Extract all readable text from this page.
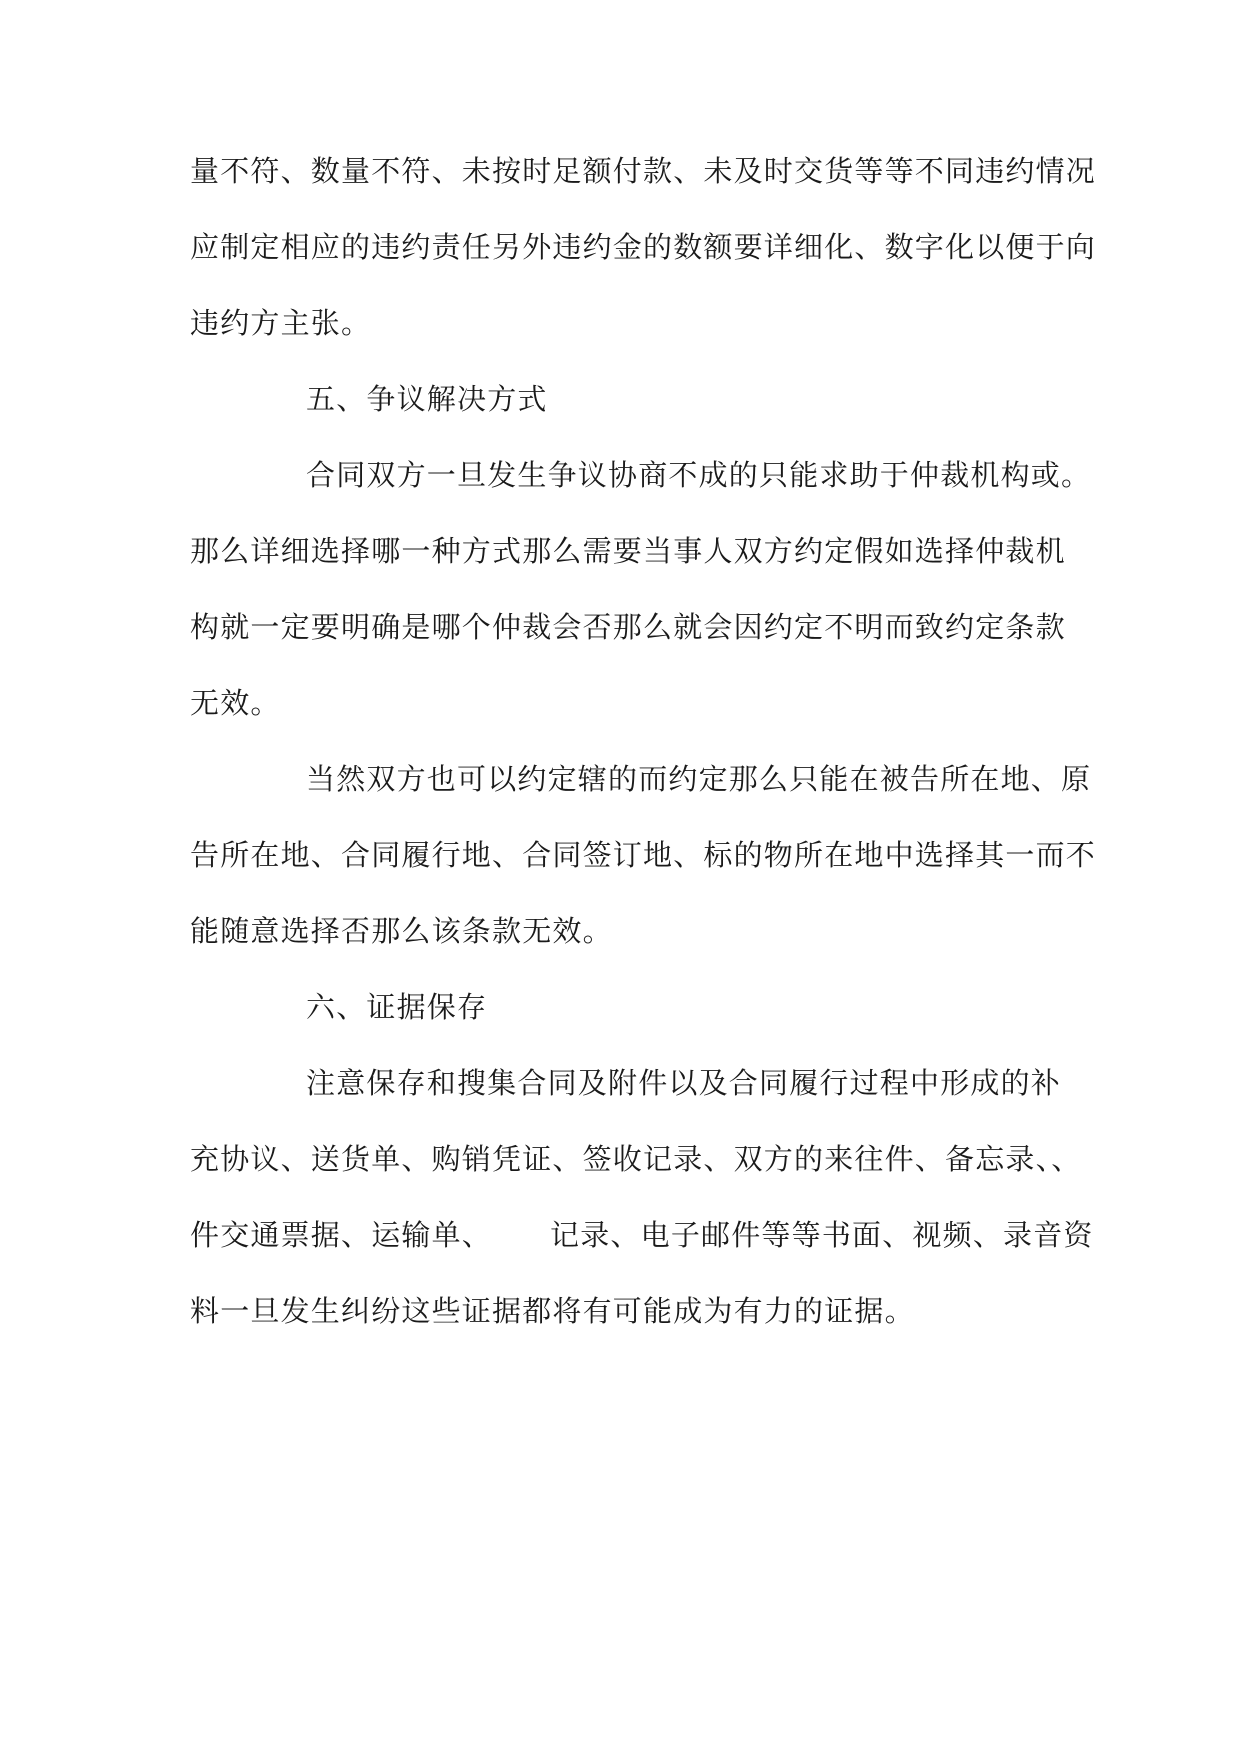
量不符、数量不符、未按时足额付款、未及时交货等等不同违约情况
应制定相应的违约责任另外违约金的数额要详细化、数字化以便于向
违约方主张。
五、争议解决方式
合同双方一旦发生争议协商不成的只能求助于仲裁机构或。
那么详细选择哪一种方式那么需要当事人双方约定假如选择仲裁机
构就一定要明确是哪个仲裁会否那么就会因约定不明而致约定条款
无效。
当然双方也可以约定辖的而约定那么只能在被告所在地、原
告所在地、合同履行地、合同签订地、标的物所在地中选择其一而不
能随意选择否那么该条款无效。
六、证据保存
注意保存和搜集合同及附件以及合同履行过程中形成的补
充协议、送货单、购销凭证、签收记录、双方的来往件、备忘录、、
件交通票据、运输单、 记录、电子邮件等等书面、视频、录音资
料一旦发生纠纷这些证据都将有可能成为有力的证据。
